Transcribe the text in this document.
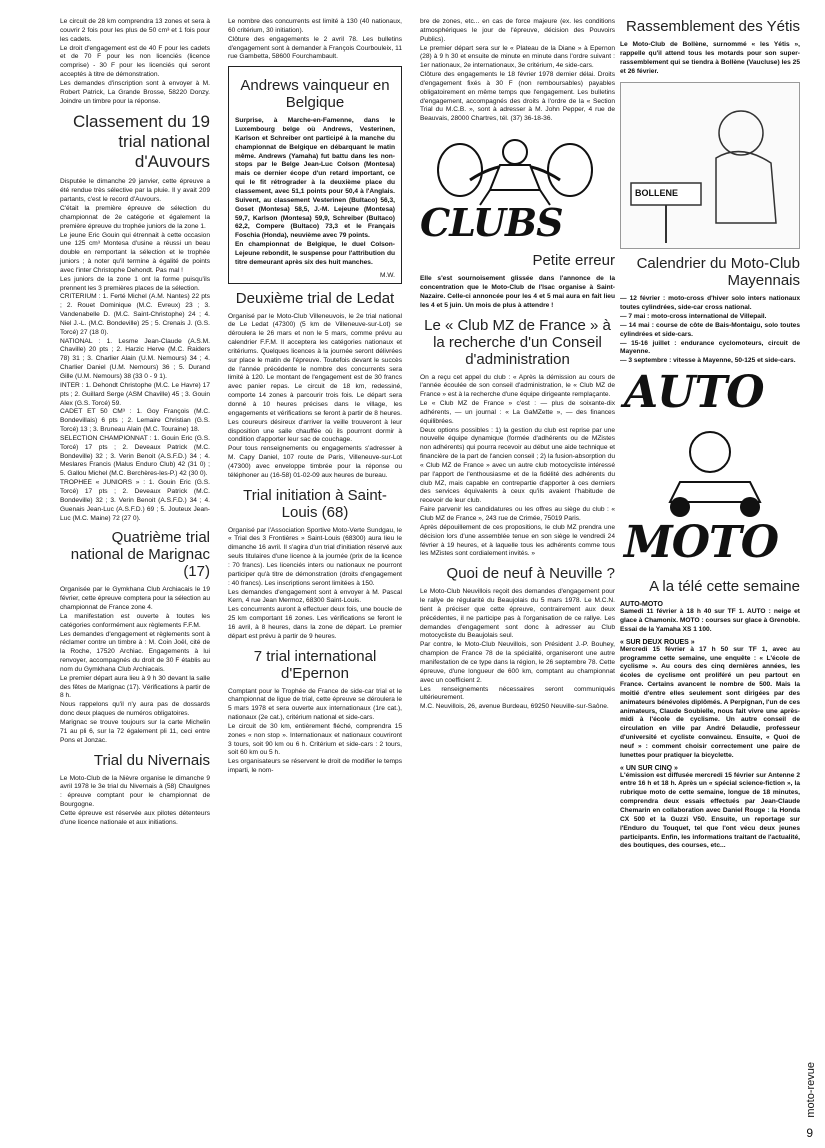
Le circuit de 28 km comprendra 13 zones et sera à couvrir 2 fois pour les plus de 50 cm³ et 1 fois pour les cadets.

Le droit d'engagement est de 40 F pour les cadets et de 70 F pour les non licenciés (licence comprise) - 30 F pour les licenciés qui seront acceptés à titre de démonstration.

Les demandes d'inscription sont à envoyer à M. Robert Patrick, La Grande Brosse, 58220 Donzy. Joindre un timbre pour la réponse.

Classement du 19 trial national d'Auvours

Disputée le dimanche 29 janvier, cette épreuve a été rendue très sélective par la pluie. Il y avait 209 partants, c'est le record d'Auvours.

C'était la première épreuve de sélection du championnat de 2e catégorie et également la première épreuve du trophée juniors de la zone 1.

Le jeune Eric Gouin qui étrennait à cette occasion une 125 cm³ Montesa d'usine a réussi un beau double en remportant la sélection et le trophée juniors ; à noter qu'il termine à égalité de points avec l'inter Christophe Dehondt. Pas mal !

Les juniors de la zone 1 ont la forme puisqu'ils prennent les 3 premières places de la sélection.

CRITERIUM : 1. Ferté Michel (A.M. Nantes) 22 pts ; 2. Rouet Dominique (M.C. Evreux) 23 ; 3. Vandenabelle D. (M.C. Saint-Christophe) 24 ; 4. Niel J.-L. (M.C. Bondeville) 25 ; 5. Crenais J. (G.S. Torcé) 27 (18 0).

NATIONAL : 1. Lesme Jean-Claude (A.S.M. Chaville) 20 pts ; 2. Harzic Herve (M.C. Raiders 78) 31 ; 3. Charlier Alain (U.M. Nemours) 34 ; 4. Charlier Daniel (U.M. Nemours) 36 ; 5. Durand Gille (U.M. Nemours) 38 (33 0 - 9 1).

INTER : 1. Dehondt Christophe (M.C. Le Havre) 17 pts ; 2. Guillard Serge (ASM Chaville) 45 ; 3. Gouin Alex (G.S. Torcé) 59.

CADET ET 50 CM³ : 1. Goy François (M.C. Bondevillais) 6 pts ; 2. Lemaire Christian (G.S. Torcé) 13 ; 3. Bruneau Alain (M.C. Touraine) 18.

SELECTION CHAMPIONNAT : 1. Gouin Eric (G.S. Torcé) 17 pts ; 2. Deveaux Patrick (M.C. Bondeville) 32 ; 3. Verin Benoit (A.S.F.D.) 34 ; 4. Meslares Francis (Malus Enduro Club) 42 (31 0) ; 5. Gallou Michel (M.C. Berchères-les-P.) 42 (30 0).

TROPHEE « JUNIORS » : 1. Gouin Eric (G.S. Torcé) 17 pts ; 2. Deveaux Patrick (M.C. Bondeville) 32 ; 3. Verin Benoit (A.S.F.D.) 34 ; 4. Guenais Jean-Luc (A.S.F.D.) 69 ; 5. Jouteux Jean-Luc (M.C. Maine) 72 (27 0).

Quatrième trial national de Marignac (17)

Organisée par le Gymkhana Club Archiacais le 19 février, cette épreuve comptera pour la sélection au championnat de France zone 4.

La manifestation est ouverte à toutes les catégories conformément aux règlements F.F.M.

Les demandes d'engagement et règlements sont à réclamer contre un timbre à : M. Coin Joël, cité de la Roche, 17520 Archiac. Engagements à lui renvoyer, accompagnés du droit de 30 F établis au nom du Gymkhana Club Archiacais.

Le premier départ aura lieu à 9 h 30 devant la salle des fêtes de Marignac (17). Vérifications à partir de 8 h.

Nous rappelons qu'il n'y aura pas de dossards donc deux plaques de numéros obligatoires.

Marignac se trouve toujours sur la carte Michelin 71 au pli 6, sur la 72 également pli 11, ceci entre Pons et Jonzac.

Trial du Nivernais

Le Moto-Club de la Nièvre organise le dimanche 9 avril 1978 le 3e trial du Nivernais à (58) Chaulgnes : épreuve comptant pour le championnat de Bourgogne.

Cette épreuve est réservée aux pilotes détenteurs d'une licence nationale et aux initiations.

Le nombre des concurrents est limité à 130 (40 nationaux, 60 critérium, 30 initiation).

Clôture des engagements le 2 avril 78. Les bulletins d'engagement sont à demander à François Courbouleix, 11 rue Gambetta, 58600 Fourchambault.

Andrews vainqueur en Belgique

Surprise, à Marche-en-Famenne, dans le Luxembourg belge où Andrews, Vesterinen, Karlson et Schreiber ont participé à la manche du championnat de Belgique en débarquant le matin même. Andrews (Yamaha) fut battu dans les non-stops par le Belge Jean-Luc Colson (Montesa) mais ce dernier écope d'un retard important, ce qui le fit rétrograder à la deuxième place du classement, avec 51,1 points pour 50,4 à l'Anglais. Suivent, au classement Vesterinen (Bultaco) 56,3, Goset (Montesa) 58,5, J.-M. Lejeune (Montesa) 59,7, Karlson (Montesa) 59,9, Schreiber (Bultaco) 62,2, Compere (Bultaco) 73,3 et le Français Foschia (Honda), neuvième avec 79 points.

En championnat de Belgique, le duel Colson-Lejeune rebondit, le suspense pour l'attribution du titre demeurant après six des huit manches.

M.W.
Deuxième trial de Ledat

Organisé par le Moto-Club Villeneuvois, le 2e trial national de Le Ledat (47300) (5 km de Villeneuve-sur-Lot) se déroulera le 26 mars et non le 5 mars, comme prévu au calendrier F.F.M. Il acceptera les catégories nationaux et critériums. Quelques licences à la journée seront délivrées sur place le matin de l'épreuve. Toutefois devant le succès de l'année précédente le nombre des concurrents sera limité à 120. Le montant de l'engagement est de 30 francs avec panier repas. Le circuit de 18 km, redessiné, comporte 14 zones à parcourir trois fois. Le départ sera donné à 10 heures précises dans le village, les engagements et vérifications se feront à partir de 8 heures. Les coureurs désireux d'arriver la veille trouveront à leur disposition une salle chauffée où ils pourront dormir à condition d'apporter leur sac de couchage.

Pour tous renseignements ou engagements s'adresser à M. Capy Daniel, 107 route de Paris, Villeneuve-sur-Lot (47300) avec enveloppe timbrée pour la réponse ou téléphoner au (16-58) 01-02-09 aux heures de bureau.

Trial initiation à Saint-Louis (68)

Organisé par l'Association Sportive Moto-Verte Sundgau, le « Trial des 3 Frontières » Saint-Louis (68300) aura lieu le dimanche 16 avril. Il s'agira d'un trial d'initiation réservé aux seuls titulaires d'une licence à la journée (prix de la licence : 70 francs). Les licenciés inters ou nationaux ne pourront participer qu'à titre de démonstration (droits d'engagement : 40 francs). Les inscriptions seront limitées à 150.

Les demandes d'engagement sont à envoyer à M. Pascal Kern, 4 rue Jean Mermoz, 68300 Saint-Louis.

Les concurrents auront à effectuer deux fois, une boucle de 25 km comportant 16 zones. Les vérifications se feront le 16 avril, à 8 heures, dans la zone de départ. Le premier départ est prévu à partir de 9 heures.

7 trial international d'Epernon

Comptant pour le Trophée de France de side-car trial et le championnat de ligue de trial, cette épreuve se déroulera le 5 mars 1978 et sera ouverte aux internationaux (1re cat.), nationaux (2e cat.), critérium national et side-cars.

Le circuit de 30 km, entièrement fléché, comprendra 15 zones « non stop ». Internationaux et nationaux couvriront 3 tours, soit 90 km ou 6 h. Critérium et side-cars : 2 tours, soit 60 km ou 5 h.

Les organisateurs se réservent le droit de modifier le temps imparti, le nom-

bre de zones, etc... en cas de force majeure (ex. les conditions atmosphériques le jour de l'épreuve, décision des Pouvoirs Publics).

Le premier départ sera sur le « Plateau de la Diane » à Epernon (28) à 9 h 30 et ensuite de minute en minute dans l'ordre suivant : 1er nationaux, 2e internationaux, 3e critérium, 4e side-cars.

Clôture des engagements le 18 février 1978 dernier délai. Droits d'engagement fixés à 30 F (non remboursables) payables obligatoirement en même temps que l'engagement. Les bulletins d'engagement, accompagnés des droits à l'ordre de la « Section Trial du M.C.B. », sont à adresser à M. John Pepper, 4 rue de Beauvais, 28000 Chartres, tél. (37) 36-18-36.

CLUBS
Petite erreur

Elle s'est sournoisement glissée dans l'annonce de la concentration que le Moto-Club de l'Isac organise à Saint-Nazaire. Celle-ci annoncée pour les 4 et 5 mai aura en fait lieu les 4 et 5 juin. Un mois de plus à attendre !

Le « Club MZ de France » à la recherche d'un Conseil d'administration

On a reçu cet appel du club : « Après la démission au cours de l'année écoulée de son conseil d'administration, le « Club MZ de France » est à la recherche d'une équipe dirigeante remplaçante.

Le « Club MZ de France » c'est : — plus de soixante-dix adhérents, — un journal : « La GaMZette », — des finances équilibrées.

Deux options possibles : 1) la gestion du club est reprise par une nouvelle équipe dynamique (formée d'adhérents ou de MZistes non adhérents) qui pourra recevoir au début une aide technique et financière de la part de l'ancien conseil ; 2) la fusion-absorption du « Club MZ de France » avec un autre club motocycliste intéressé par l'apport de l'enthousiasme et de la fidélité des adhérents du club MZ, mais capable en contrepartie d'apporter à ces derniers des services équivalents à ceux qu'ils avaient l'habitude de recevoir de leur club.

Faire parvenir les candidatures ou les offres au siège du club : « Club MZ de France », 243 rue de Crimée, 75019 Paris.

Après dépouillement de ces propositions, le club MZ prendra une décision lors d'une assemblée tenue en son siège le vendredi 24 février à 19 heures, et à laquelle tous les adhérents comme tous les MZistes sont cordialement invités. »

Quoi de neuf à Neuville ?

Le Moto-Club Neuvillois reçoit des demandes d'engagement pour le rallye de régularité du Beaujolais du 5 mars 1978. Le M.C.N. tient à préciser que cette épreuve, contrairement aux deux précédentes, il ne participe pas à l'organisation de ce rallye. Les demandes d'engagement sont donc à adresser au Club motocycliste du Beaujolais seul.

Par contre, le Moto-Club Neuvillois, son Président J.-P. Bouhey, champion de France 78 de la spécialité, organiseront une autre manifestation de ce type dans la région, le 26 septembre 78. Cette épreuve, d'une longueur de 600 km, comptant au championnat avec un coefficient 2.

Les renseignements nécessaires seront communiqués ultérieurement.

M.C. Neuvillois, 26, avenue Burdeau, 69250 Neuville-sur-Saône.

Rassemblement des Yétis

Le Moto-Club de Bollène, surnommé « les Yétis », rappelle qu'il attend tous les motards pour son super-rassemblement qui se tiendra à Bollène (Vaucluse) les 25 et 26 février.

BOLLENE
Calendrier du Moto-Club Mayennais

— 12 février : moto-cross d'hiver solo inters nationaux toutes cylindrées, side-car cross national.

— 7 mai : moto-cross international de Villepail.

— 14 mai : course de côte de Bais-Montaigu, solo toutes cylindrées et side-cars.

— 15-16 juillet : endurance cyclomoteurs, circuit de Mayenne.

— 3 septembre : vitesse à Mayenne, 50-125 et side-cars.

AUTO
MOTO
A la télé cette semaine
AUTO-MOTO

Samedi 11 février à 18 h 40 sur TF 1. AUTO : neige et glace à Chamonix. MOTO : courses sur glace à Grenoble. Essai de la Yamaha XS 1 100.

« SUR DEUX ROUES »

Mercredi 15 février à 17 h 50 sur TF 1, avec au programme cette semaine, une enquête : « L'école de cyclisme ». Au cours des cinq dernières années, les écoles de cyclisme ont proliféré un peu partout en France. Certains avancent le nombre de 500. Mais la moitié d'entre elles seulement sont dirigées par des animateurs bénévoles diplômés. A Perpignan, l'un de ces animateurs, Claude Soubielle, nous fait vivre une après-midi à l'école de cyclisme. Un autre conseil de circulation en ville par André Delaudie, professeur d'université et cycliste convaincu. Ensuite, « Quoi de neuf » : comment choisir correctement une paire de lunettes pour pratiquer la bicyclette.

« UN SUR CINQ »

L'émission est diffusée mercredi 15 février sur Antenne 2 entre 16 h et 18 h. Après un « spécial science-fiction », la rubrique moto de cette semaine, longue de 18 minutes, comprendra deux essais effectués par Jean-Claude Chemarin en collaboration avec Daniel Rouge : la Honda CX 500 et la Guzzi V50. Ensuite, un reportage sur l'Enduro du Touquet, tel que l'ont vécu deux jeunes participants. Enfin, les informations traitant de l'actualité, des boutiques, des courses, etc...

moto-revue
9
